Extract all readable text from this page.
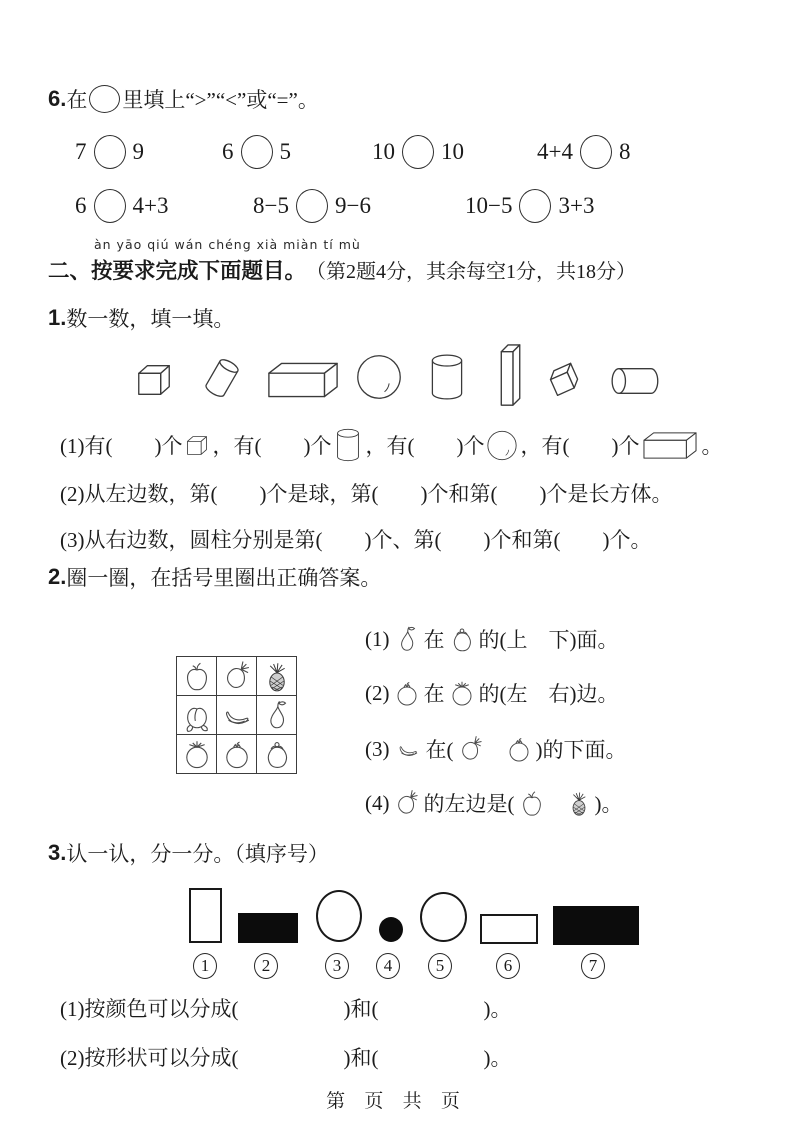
6. 在 里填上“>”“<”或“=”。
7 9	6 5	10 10	4+4 8
6 4+3	8−5 9−6	10−5 3+3
àn yāo qiú wán chéng xià miàn tí mù
二、按要求完成下面题目。 （第2题4分，其余每空1分，共18分）
1. 数一数，填一填。
(1)有(　　)个 ，有(　　)个 ，有(　　)个 ，有(　　)个	。
(2)从左边数，第(　　)个是球，第(　　)个和第(　　)个是长方体。
(3)从右边数，圆柱分别是第(　　)个、第(　　)个和第(　　)个。
2. 圈一圈，在括号里圈出正确答案。

(1) 在 的(上　下)面。
(2) 在 的(左　右)边。
(3) 在(	)的下面。
(4) 的左边是(	)。
3. 认一认，分一分。（填序号）
1	2	3	4	5	6	7
(1)按颜色可以分成(　　　　　)和(　　　　　)。
(2)按形状可以分成(　　　　　)和(　　　　　)。
第 页 共 页
